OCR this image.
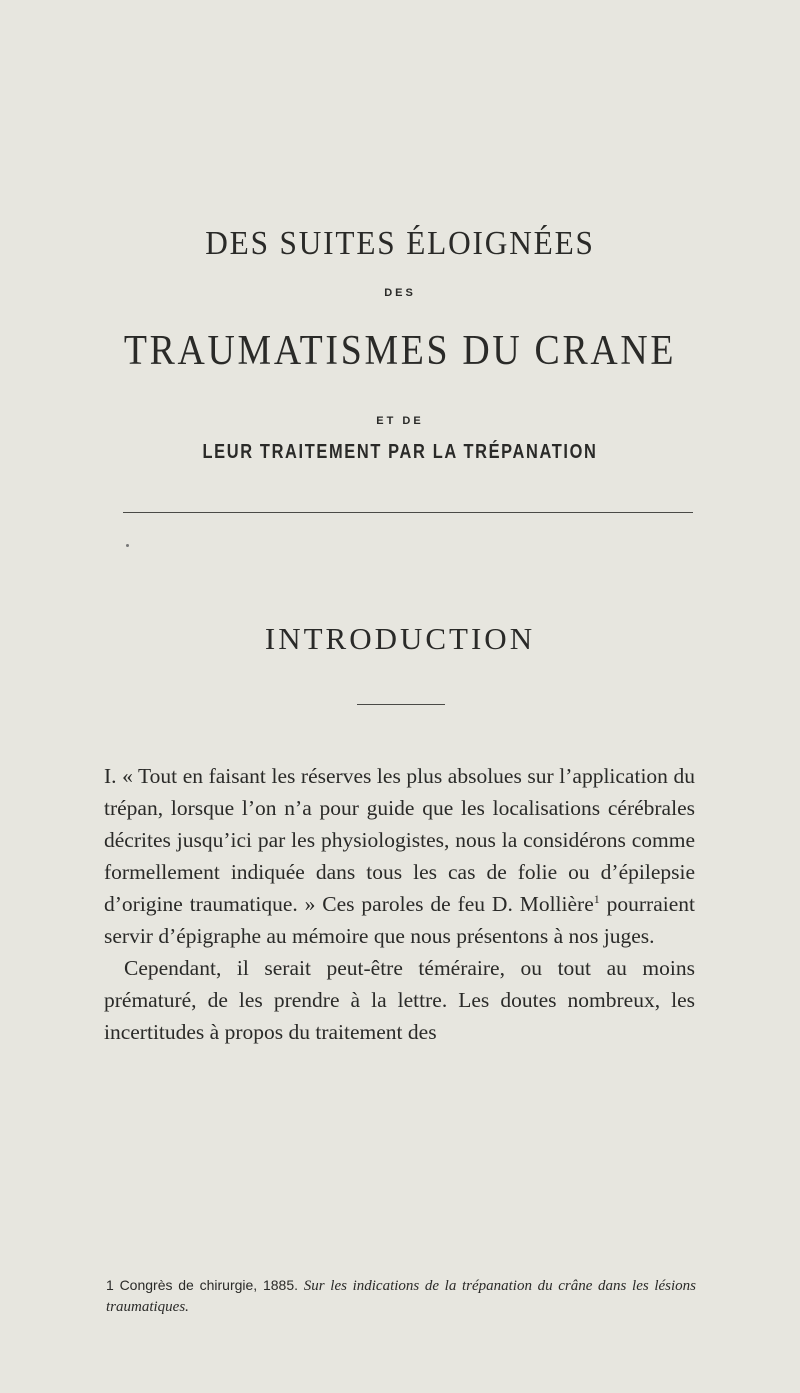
DES SUITES ÉLOIGNÉES
DES
TRAUMATISMES DU CRANE
ET DE
LEUR TRAITEMENT PAR LA TRÉPANATION
INTRODUCTION

I. « Tout en faisant les réserves les plus absolues sur l’application du trépan, lorsque l’on n’a pour guide que les localisations cérébrales décrites jusqu’ici par les physiologistes, nous la considérons comme formellement indiquée dans tous les cas de folie ou d’épilepsie d’origine traumatique. » Ces paroles de feu D. Mollière$^1$ pourraient servir d’épigraphe au mémoire que nous présentons à nos juges.

Cependant, il serait peut-être téméraire, ou tout au moins prématuré, de les prendre à la lettre. Les doutes nombreux, les incertitudes à propos du traitement des

1 Congrès de chirurgie, 1885. Sur les indications de la trépanation du crâne dans les lésions traumatiques.
